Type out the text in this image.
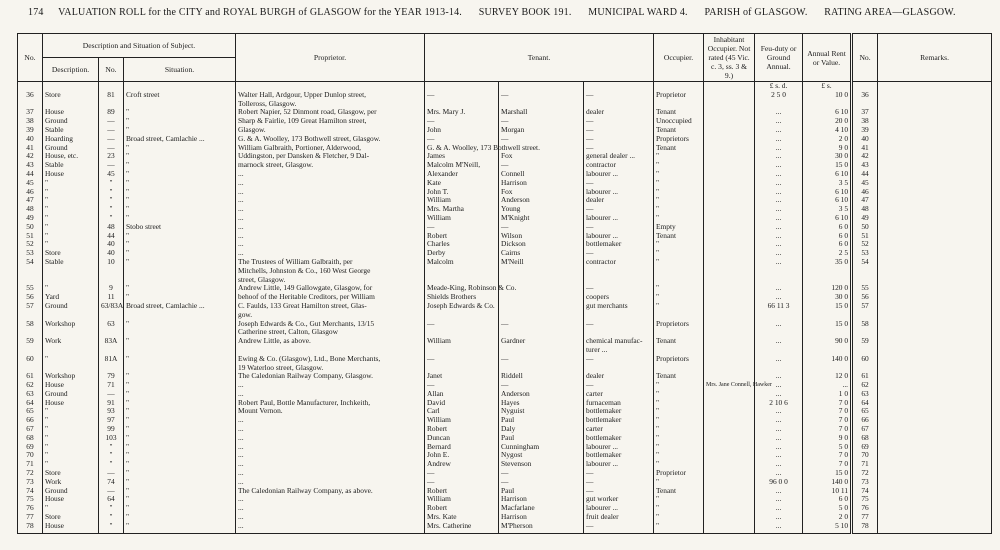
174 VALUATION ROLL for the CITY and ROYAL BURGH of GLASGOW for the YEAR 1913-14. SURVEY BOOK 191. MUNICIPAL WARD 4. PARISH of GLASGOW. RATING AREA—GLASGOW.
No.	Description and Situation of Subject.			Proprietor.	Tenant.			Occupier.	Inhabitant Occupier. Not rated (45 Vic. c. 3, ss. 3 & 9.)	Feu-duty or Ground Annual.	Annual Rent or Value.	No.	Remarks.
	Description.	No.	Situation.										
										£ s. d.	£ s.		
36	Store	81	Croft street	Walter Hall, Ardgour, Upper Dunlop street,	—	—	—	Proprietor		2 5 0	10 0	36	
				Tolleross, Glasgow.									
37	House	89	"	Robert Napier, 52 Dinmont road, Glasgow, per	Mrs. Mary J.	Marshall	dealer	Tenant		...	6 10	37	
38	Ground	—	"	Sharp & Fairlie, 109 Great Hamilton street,	—	—	—	Unoccupied		...	20 0	38	
39	Stable	—	"	Glasgow.	John	Morgan	—	Tenant		...	4 10	39	
40	Hoarding	—	Broad street, Camlachie ...	G. & A. Woolley, 173 Bothwell street, Glasgow.	—	—	—	Proprietors		...	2 0	40	
41	Ground	—	"	William Galbraith, Portioner, Alderwood,	G. & A. Woolley, 173 Bothwell street.		—	Tenant		...	9 0	41	
42	House, etc.	23	"	Uddingston, per Dansken & Fletcher, 9 Dal-	James	Fox	general dealer ...	"		...	30 0	42	
43	Stable	—	"	marnock street, Glasgow.	Malcolm M'Neill,	—	contractor	"		...	15 0	43	
44	House	45	"	...	Alexander	Connell	labourer ...	"		...	6 10	44	
45	"	"	"	...	Kate	Harrison	—	"		...	3 5	45	
46	"	"	"	...	John T.	Fox	labourer ...	"		...	6 10	46	
47	"	"	"	...	William	Anderson	dealer	"		...	6 10	47	
48	"	"	"	...	Mrs. Martha	Young	—	"		...	3 5	48	
49	"	"	"	...	William	M'Knight	labourer ...	"		...	6 10	49	
50	"	48	Stobo street	...	—	—	—	Empty		...	6 0	50	
51	"	44	"	...	Robert	Wilson	labourer ...	Tenant		...	6 0	51	
52	"	40	"	...	Charles	Dickson	bottlemaker	"		...	6 0	52	
53	Store	40	"	...	Derby	Cairns	—	"		...	2 5	53	
54	Stable	10	"	The Trustees of William Galbraith, per	Malcolm	M'Neill	contractor	"		...	35 0	54	
				Mitchells, Johnston & Co., 160 West George									
				street, Glasgow.									
55	"	9	"	Andrew Little, 149 Gallowgate, Glasgow, for	Meade-King, Robinson & Co.		—	"		...	120 0	55	
56	Yard	11	"	behoof of the Heritable Creditors, per William	Shields Brothers		coopers	"		...	30 0	56	
57	Ground	63/83A	Broad street, Camlachie ...	C. Faulds, 133 Great Hamilton street, Glas-	Joseph Edwards & Co.		gut merchants	"		66 11 3	15 0	57	
				gow.									
58	Workshop	63	"	Joseph Edwards & Co., Gut Merchants, 13/15	—	—	—	Proprietors		...	15 0	58	
				Catherine street, Calton, Glasgow									
59	Work	83A	"	Andrew Little, as above.	William	Gardner	chemical manufac-	Tenant		...	90 0	59	
							turer ...						
60	"	81A	"	Ewing & Co. (Glasgow), Ltd., Bone Merchants,	—	—	—	Proprietors		...	140 0	60	
				19 Waterloo street, Glasgow.									
61	Workshop	79	"	The Caledonian Railway Company, Glasgow.	Janet	Riddell	dealer	Tenant		...	12 0	61	
62	House	71	"	...	—	—	—	"	Mrs. Jane Connell, Hawker	...	...	62	
63	Ground	—	"	...	Allan	Anderson	carter	"		...	1 0	63	
64	House	91	"	Robert Paul, Bottle Manufacturer, Inchkeith,	David	Hayes	furnaceman	"		2 10 6	7 0	64	
65	"	93	"	Mount Vernon.	Carl	Nyguist	bottlemaker	"		...	7 0	65	
66	"	97	"	...	William	Paul	bottlemaker	"		...	7 0	66	
67	"	99	"	...	Robert	Daly	carter	"		...	7 0	67	
68	"	103	"	...	Duncan	Paul	bottlemaker	"		...	9 0	68	
69	"	"	"	...	Bernard	Cunningham	labourer ...	"		...	5 0	69	
70	"	"	"	...	John E.	Nygost	bottlemaker	"		...	7 0	70	
71	"	"	"	...	Andrew	Stevenson	labourer ...	"		...	7 0	71	
72	Store	—	"	...	—	—	—	Proprietor		...	15 0	72	
73	Work	74	"	...	—	—	—	"		96 0 0	140 0	73	
74	Ground	—	"	The Caledonian Railway Company, as above.	Robert	Paul	—	Tenant		...	10 11	74	
75	House	64	"	...	William	Harrison	gut worker	"		...	6 0	75	
76	"	"	"	...	Robert	Macfarlane	labourer ...	"		...	5 0	76	
77	Store	"	"	...	Mrs. Kate	Harrison	fruit dealer	"		...	2 0	77	
78	House	"	"	...	Mrs. Catherine	M'Pherson	—	"		...	5 10	78	
